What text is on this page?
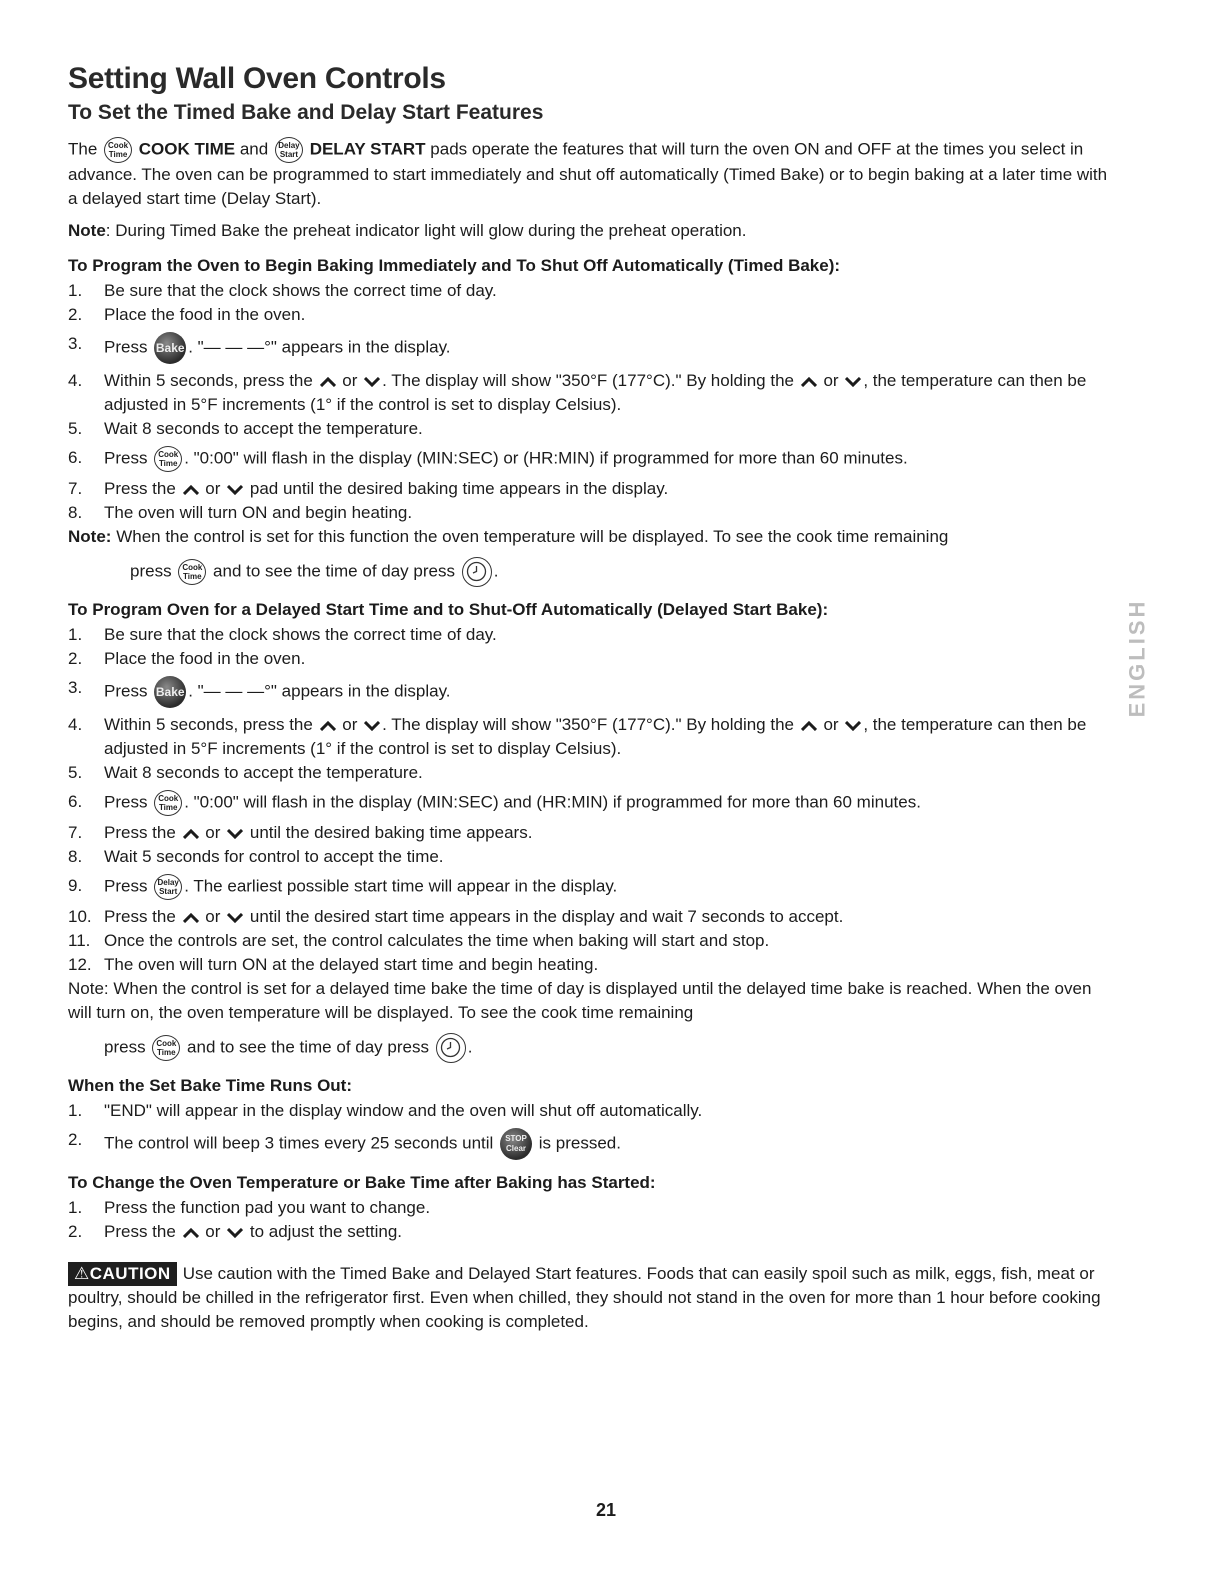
Setting Wall Oven Controls
To Set the Timed Bake and Delay Start Features

The	Cook
Time COOK TIME and Delay
Start DELAY START pads operate the features that will turn the oven ON and OFF at the times you select in advance. The oven can be programmed to start immediately and shut off automatically (Timed Bake) or to begin baking at a later time with a delayed start time (Delay Start).

Note: During Timed Bake the preheat indicator light will glow during the preheat operation.

To Program the Oven to Begin Baking Immediately and To Shut Off Automatically (Timed Bake):
1. Be sure that the clock shows the correct time of day.
2. Place the food in the oven.
3. Press Bake . "— — —°" appears in the display.
4. Within 5 seconds, press the or . The display will show "350°F (177°C)." By holding the or , the temperature can then be adjusted in 5°F increments (1° if the control is set to display Celsius).
5. Wait 8 seconds to accept the temperature.
6. Press	Cook
Time . "0:00" will flash in the display (MIN:SEC) or (HR:MIN) if programmed for more than 60 minutes.
7. Press the or pad until the desired baking time appears in the display.
8. The oven will turn ON and begin heating.
Note: When the control is set for this function the oven temperature will be displayed. To see the cook time remaining
press	Cook
Time and to see the time of day press .
To Program Oven for a Delayed Start Time and to Shut-Off Automatically (Delayed Start Bake):
1. Be sure that the clock shows the correct time of day.
2. Place the food in the oven.
3. Press Bake . "— — —°" appears in the display.
4. Within 5 seconds, press the or . The display will show "350°F (177°C)." By holding the or , the temperature can then be adjusted in 5°F increments (1° if the control is set to display Celsius).
5. Wait 8 seconds to accept the temperature.
6. Press	Cook
Time . "0:00" will flash in the display (MIN:SEC) and (HR:MIN) if programmed for more than 60 minutes.
7. Press the or until the desired baking time appears.
8. Wait 5 seconds for control to accept the time.
9. Press Delay
Start . The earliest possible start time will appear in the display.
10. Press the or until the desired start time appears in the display and wait 7 seconds to accept.
11. Once the controls are set, the control calculates the time when baking will start and stop.
12. The oven will turn ON at the delayed start time and begin heating.
Note: When the control is set for a delayed time bake the time of day is displayed until the delayed time bake is reached. When the oven will turn on, the oven temperature will be displayed. To see the cook time remaining
press	Cook
Time and to see the time of day press .
When the Set Bake Time Runs Out:
1. "END" will appear in the display window and the oven will shut off automatically.
2. The control will beep 3 times every 25 seconds until	STOP
Clear is pressed.
To Change the Oven Temperature or Bake Time after Baking has Started:
1. Press the function pad you want to change.
2. Press the or to adjust the setting.

⚠CAUTION Use caution with the Timed Bake and Delayed Start features. Foods that can easily spoil such as milk, eggs, fish, meat or poultry, should be chilled in the refrigerator first. Even when chilled, they should not stand in the oven for more than 1 hour before cooking begins, and should be removed promptly when cooking is completed.

ENGLISH
21
